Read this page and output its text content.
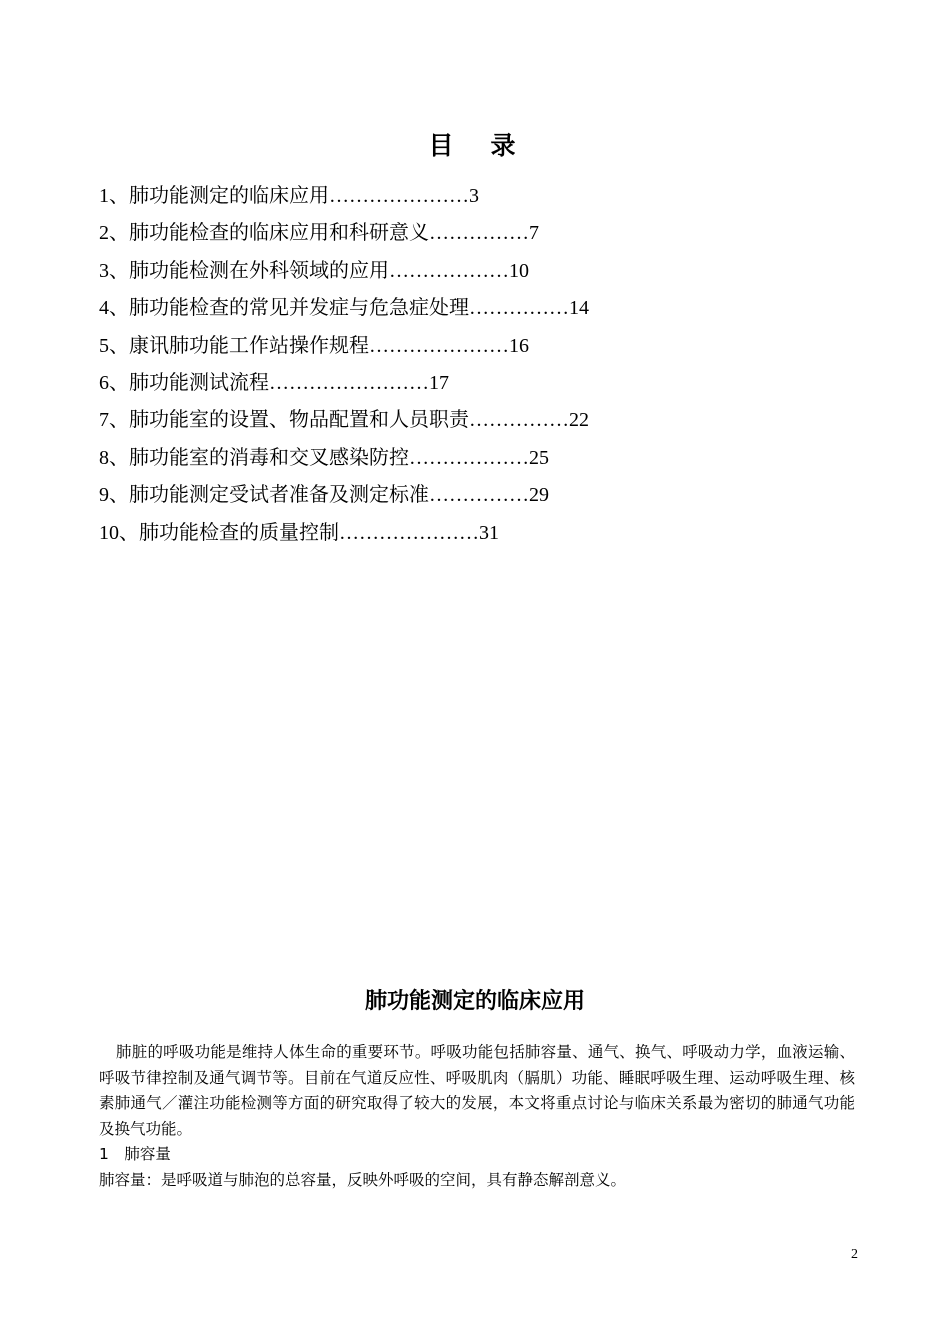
目　录
1、肺功能测定的临床应用…………………3
2、肺功能检查的临床应用和科研意义……………7
3、肺功能检测在外科领域的应用………………10
4、肺功能检查的常见并发症与危急症处理……………14
5、康讯肺功能工作站操作规程…………………16
6、肺功能测试流程……………………17
7、肺功能室的设置、物品配置和人员职责……………22
8、肺功能室的消毒和交叉感染防控………………25
9、肺功能测定受试者准备及测定标准……………29
10、肺功能检查的质量控制…………………31
肺功能测定的临床应用

肺脏的呼吸功能是维持人体生命的重要环节。呼吸功能包括肺容量、通气、换气、呼吸动力学，血液运输、呼吸节律控制及通气调节等。目前在气道反应性、呼吸肌肉（膈肌）功能、睡眠呼吸生理、运动呼吸生理、核素肺通气／灌注功能检测等方面的研究取得了较大的发展，本文将重点讨论与临床关系最为密切的肺通气功能及换气功能。

1　肺容量

肺容量：是呼吸道与肺泡的总容量，反映外呼吸的空间，具有静态解剖意义。

2
